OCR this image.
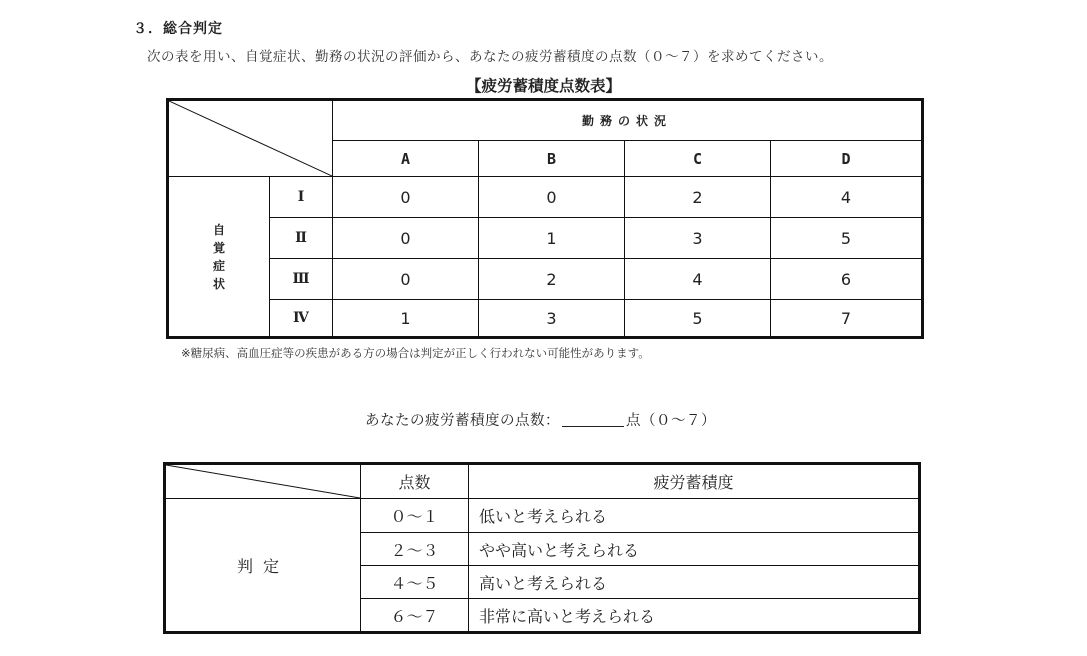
３．総合判定
次の表を用い、自覚症状、勤務の状況の評価から、あなたの疲労蓄積度の点数（０～７）を求めてください。
【疲労蓄積度点数表】
	勤務の状況			
		A	B	C	D

自
覚
症
状	Ⅰ	0	0	2	4
	Ⅱ	0	1	3	5
	Ⅲ	0	2	4	6
	Ⅳ	1	3	5	7
※糖尿病、高血圧症等の疾患がある方の場合は判定が正しく行われない可能性があります。
あなたの疲労蓄積度の点数：	点（０～７）
	点数	疲労蓄積度
判定	０～１	低いと考えられる
	２～３	やや高いと考えられる
	４～５	高いと考えられる
	６～７	非常に高いと考えられる
